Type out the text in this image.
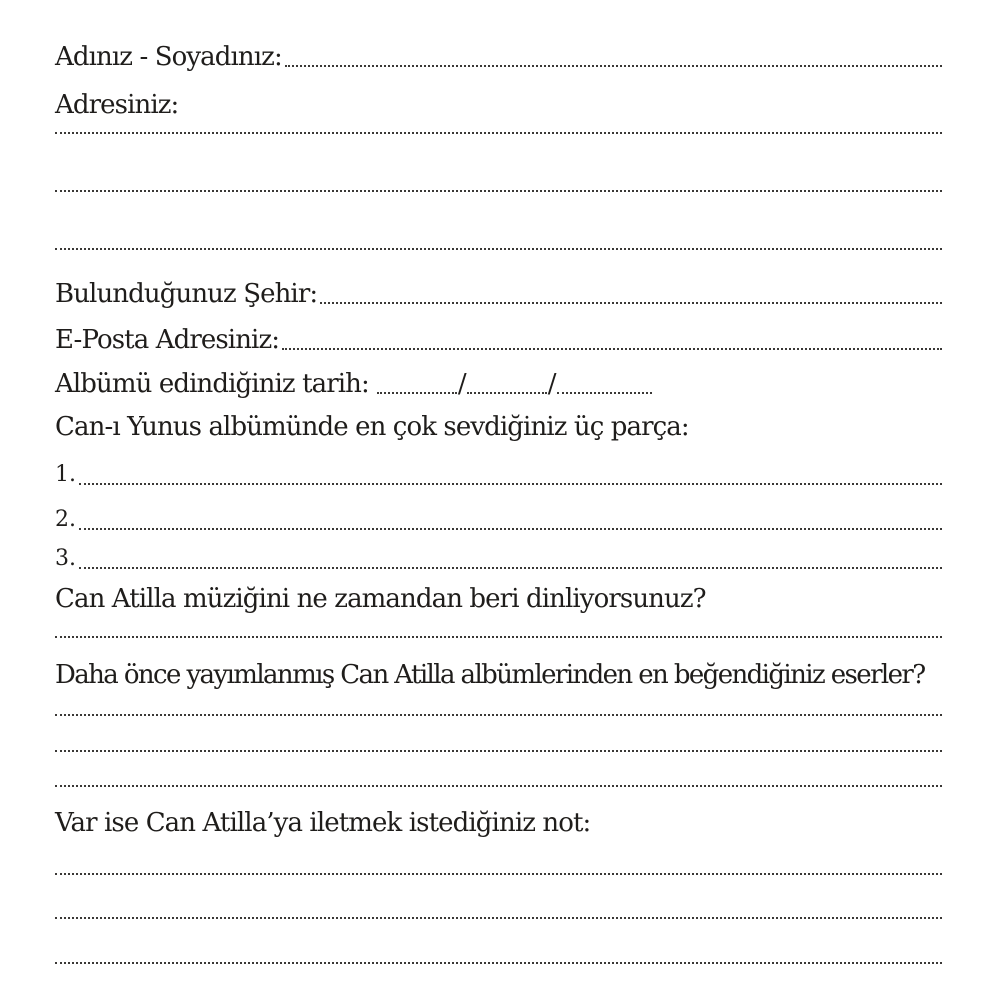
Adınız - Soyadınız:
Adresiniz:
Bulunduğunuz Şehir:
E-Posta Adresiniz:
Albümü edindiğiniz tarih:	/	/
Can-ı Yunus albümünde en çok sevdiğiniz üç parça:
1.
2.
3.
Can Atilla müziğini ne zamandan beri dinliyorsunuz?
Daha önce yayımlanmış Can Atilla albümlerinden en beğendiğiniz eserler?
Var ise Can Atilla’ya iletmek istediğiniz not:
